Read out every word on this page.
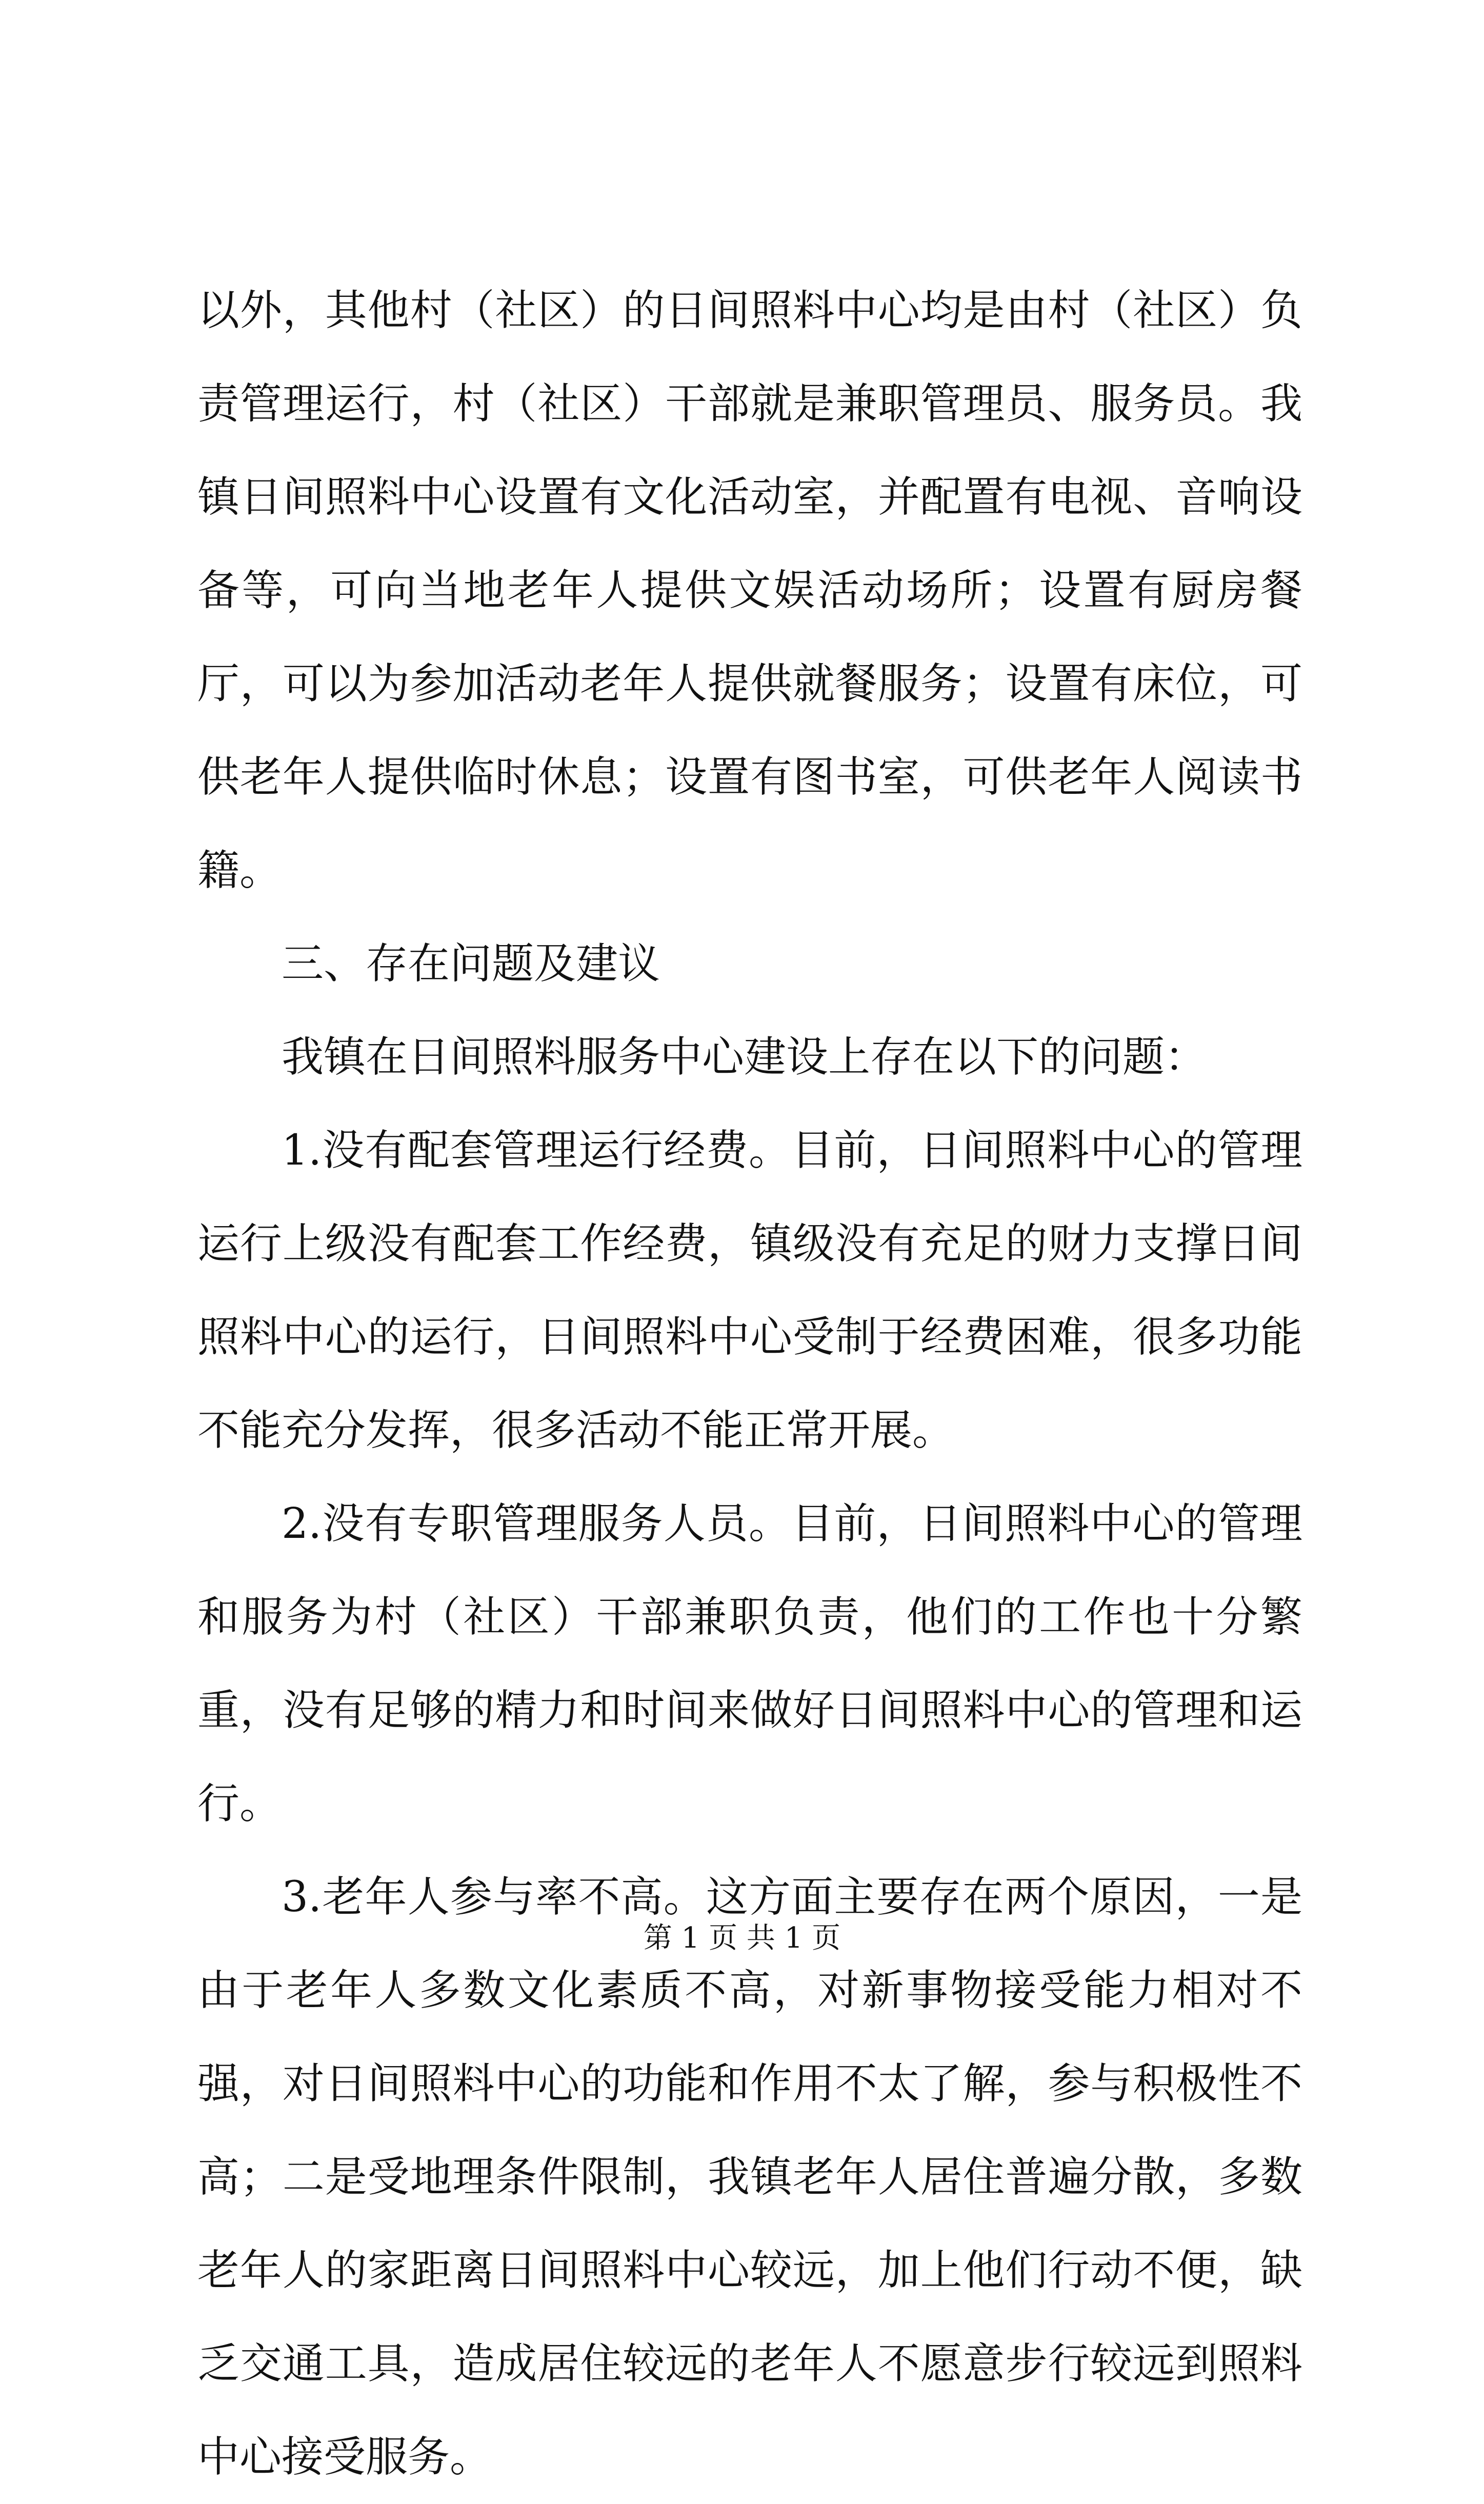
以外，其他村（社区）的日间照料中心均是由村（社区）负责管理运行，村（社区）干部就是兼职管理员、服务员。我镇日间照料中心设置有文化活动室，并配置有电视、音响设备等，可向当地老年人提供文娱活动场所；设置有厨房餐厅，可以为参加活动老年人提供就餐服务；设置有床位，可供老年人提供临时休息；设置有图书室，可供老年人阅读书籍。

三、存在问题及建议

我镇在日间照料服务中心建设上存在以下的问题：

1.没有配套管理运行经费。目前，日间照料中心的管理运行上级没有配套工作经费，镇级没有充足的财力支撑日间照料中心的运行，日间照料中心受制于经费困难，很多功能不能充分发挥，很多活动不能正常开展。

2.没有专职管理服务人员。目前，日间照料中心的管理和服务为村（社区）干部兼职负责，他们的工作也十分繁重，没有足够的精力和时间来做好日间照料中心的管理和运行。

3.老年人参与率不高。这方面主要存在两个原因，一是由于老年人多数文化素质不高，对新事物接受能力相对不强，对日间照料中心的功能和作用不太了解，参与积极性不高；二是受地理条件限制，我镇老年人居住普遍分散，多数老年人的家距离日间照料中心较远，加上他们行动不便，缺乏交通工具，造成居住较远的老年人不愿意步行较远到照料中心接受服务。

第 1 页 共 1 页
